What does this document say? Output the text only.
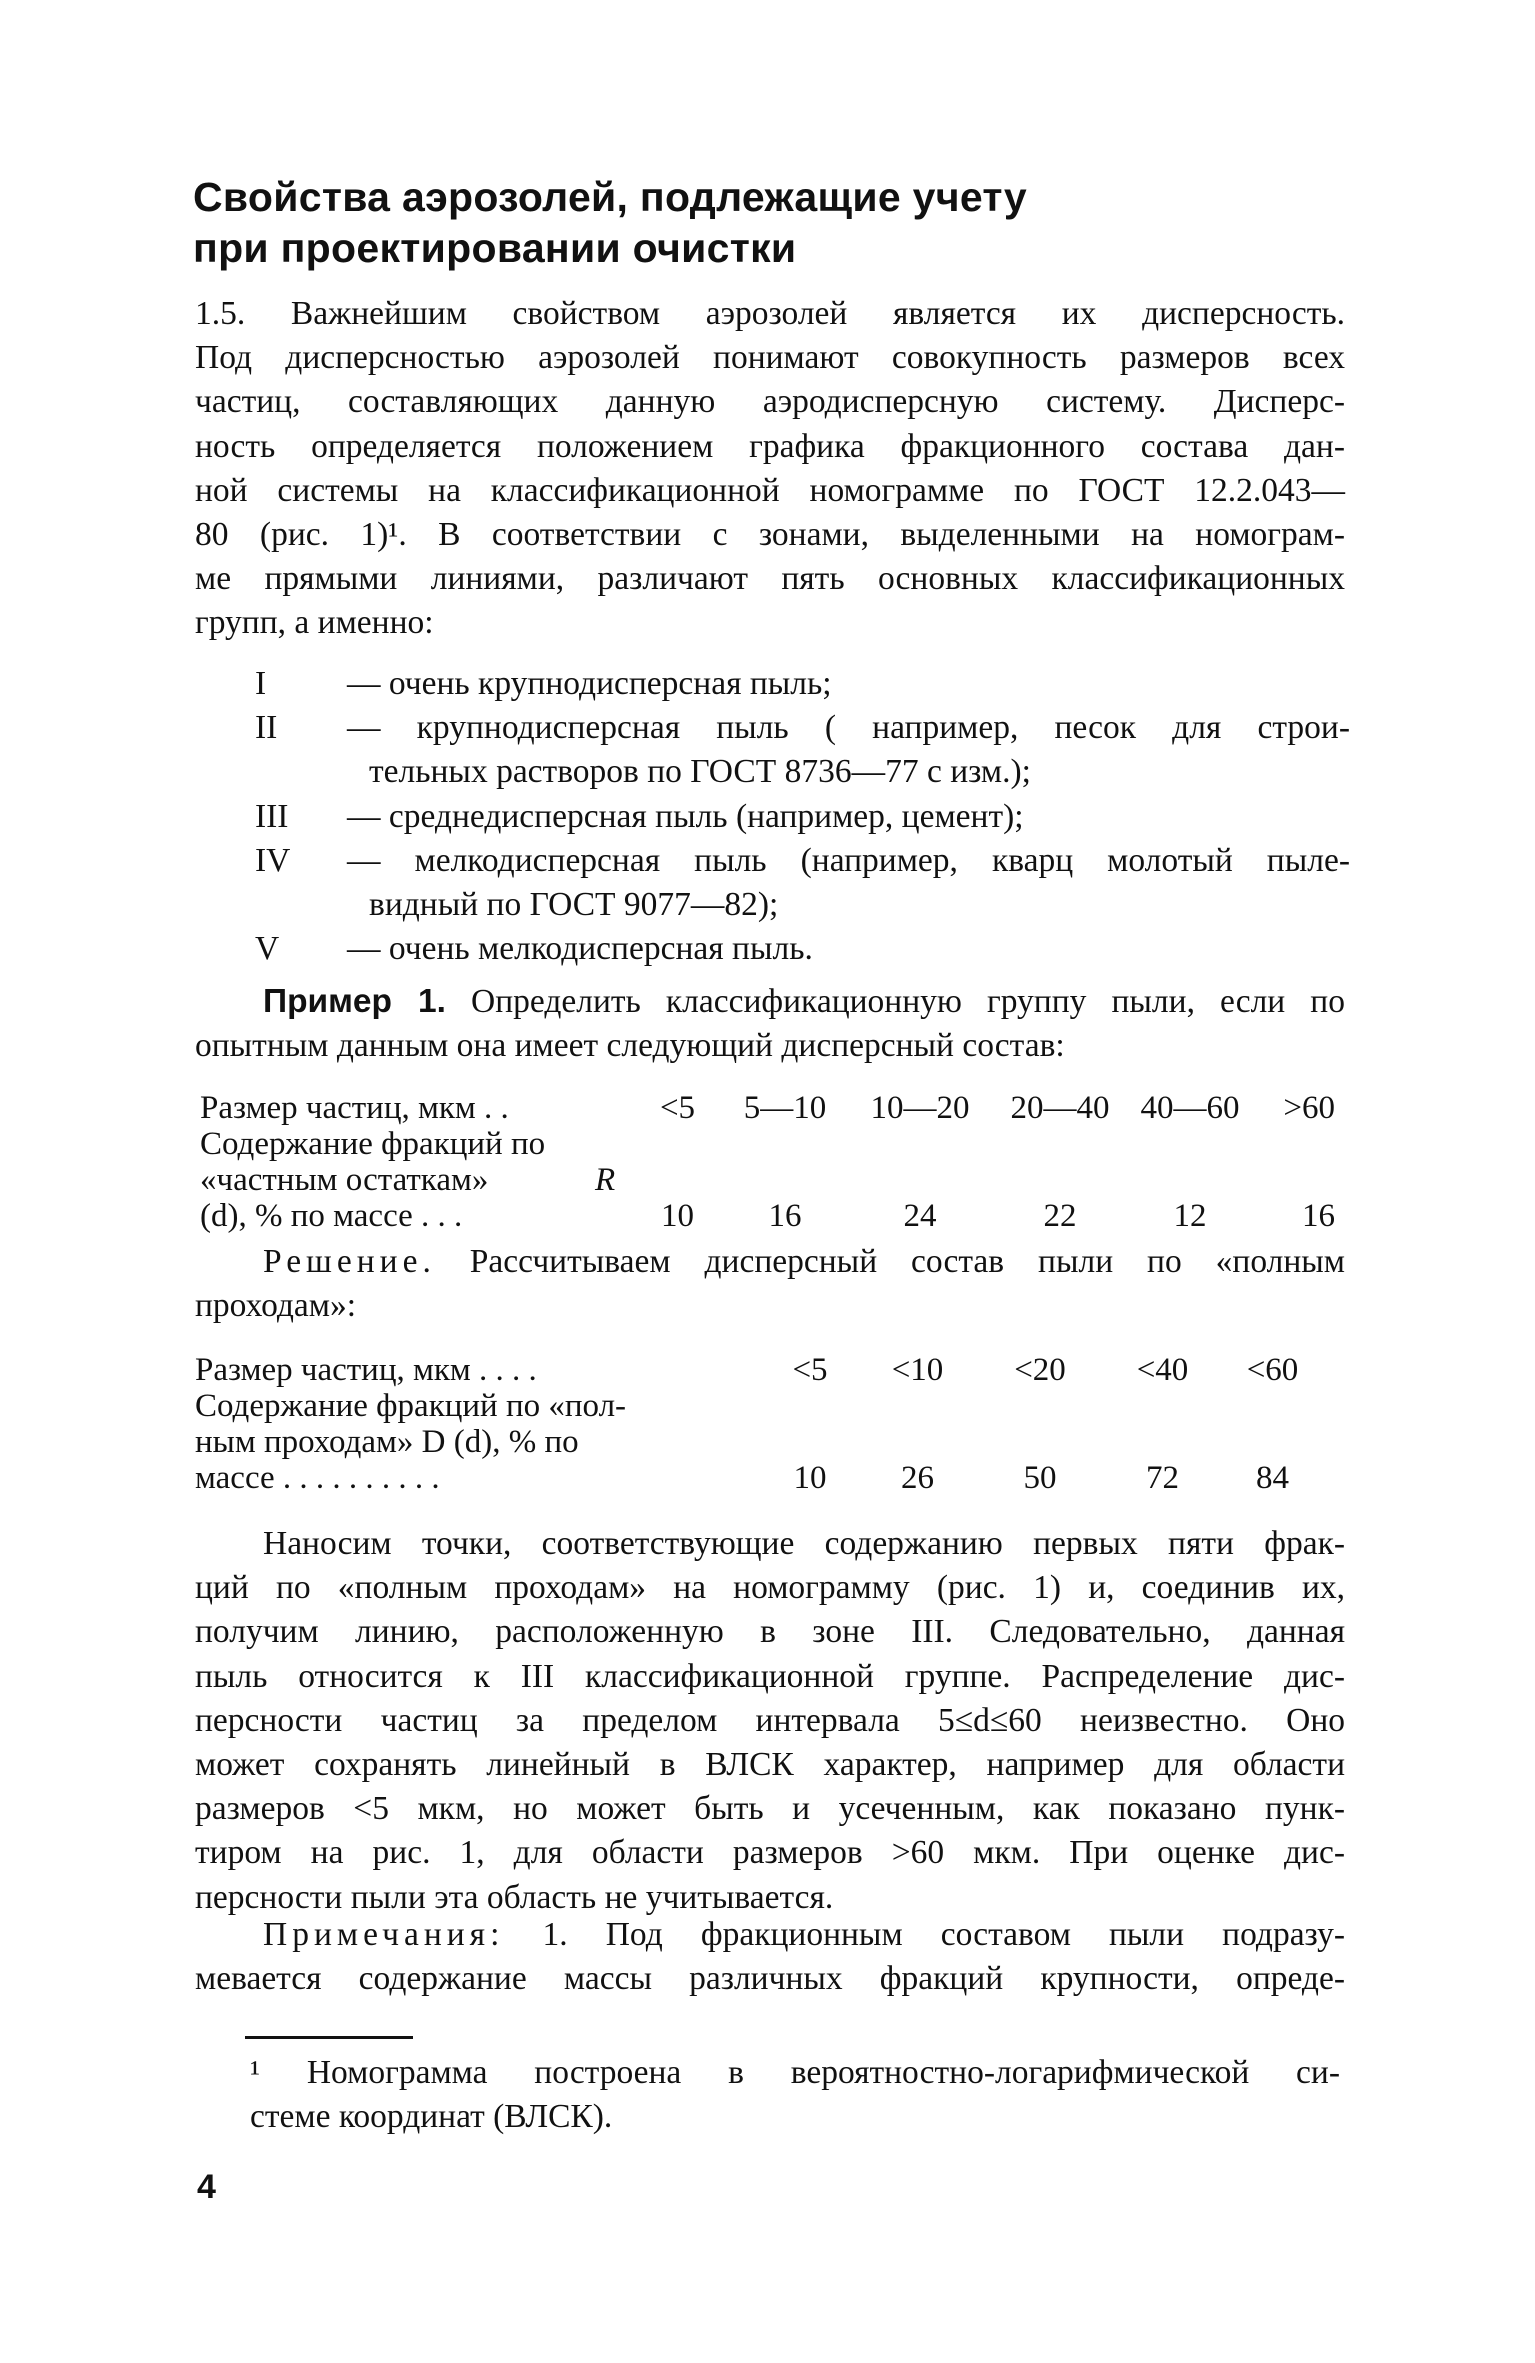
Свойства аэрозолей, подлежащие учету
при проектировании очистки
1.5. Важнейшим свойством аэрозолей является их дисперсность.
Под дисперсностью аэрозолей понимают совокупность размеров всех
частиц, составляющих данную аэродисперсную систему. Дисперс-
ность определяется положением графика фракционного состава дан-
ной системы на классификационной номограмме по ГОСТ 12.2.043—
80 (рис. 1)¹. В соответствии с зонами, выделенными на номограм-
ме прямыми линиями, различают пять основных классификационных
групп, а именно:
I	— очень крупнодисперсная пыль;
II	— крупнодисперсная пыль ( например, песок для строи-
тельных растворов по ГОСТ 8736—77 с изм.);
III	— среднедисперсная пыль (например, цемент);
IV	— мелкодисперсная пыль (например, кварц молотый пыле-
видный по ГОСТ 9077—82);
V	— очень мелкодисперсная пыль.
Пример 1. Определить классификационную группу пыли, если по
опытным данным она имеет следующий дисперсный состав:
Размер частиц, мкм . .	<5	5—10	10—20	20—40 40—60	>60
Содержание фракций по
«частным остаткам»	R
(d), % по массе . . .	10	16	24	22	12	16
Решение. Рассчитываем дисперсный состав пыли по «полным
проходам»:
Размер частиц, мкм . . . .	<5	<10	<20	<40	<60
Содержание фракций по «пол-
ным проходам» D (d), % по
массе . . . . . . . . . .	10	26	50	72	84
Наносим точки, соответствующие содержанию первых пяти фрак-
ций по «полным проходам» на номограмму (рис. 1) и, соединив их,
получим линию, расположенную в зоне III. Следовательно, данная
пыль относится к III классификационной группе. Распределение дис-
персности частиц за пределом интервала 5≤d≤60 неизвестно. Оно
может сохранять линейный в ВЛСК характер, например для области
размеров <5 мкм, но может быть и усеченным, как показано пунк-
тиром на рис. 1, для области размеров >60 мкм. При оценке дис-
персности пыли эта область не учитывается.
Примечания: 1. Под фракционным составом пыли подразу-
мевается содержание массы различных фракций крупности, опреде-
¹ Номограмма построена в вероятностно-логарифмической си-
стеме координат (ВЛСК).
4
